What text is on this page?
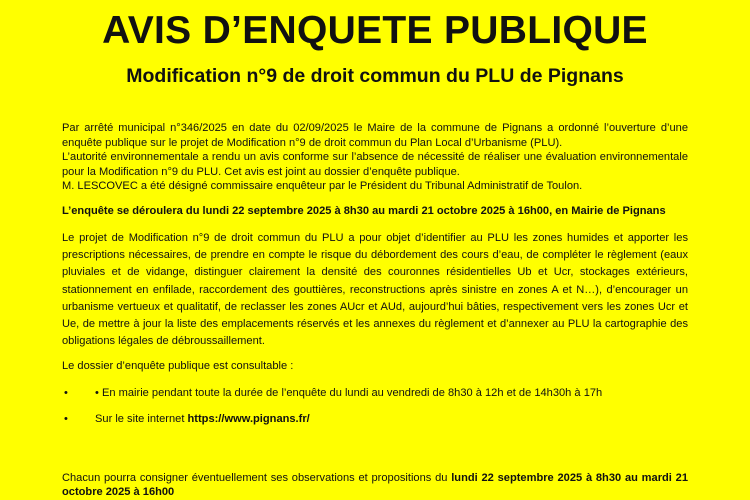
AVIS D’ENQUETE PUBLIQUE
Modification n°9 de droit commun du PLU de Pignans

Par arrêté municipal n°346/2025 en date du 02/09/2025 le Maire de la commune de Pignans a ordonné l’ouverture d’une enquête publique sur le projet de Modification n°9 de droit commun du Plan Local d’Urbanisme (PLU).
L’autorité environnementale a rendu un avis conforme sur l’absence de nécessité de réaliser une évaluation environnementale pour la Modification n°9 du PLU. Cet avis est joint au dossier d’enquête publique.
M. LESCOVEC a été désigné commissaire enquêteur par le Président du Tribunal Administratif de Toulon.

L’enquête se déroulera du lundi 22 septembre 2025 à 8h30 au mardi 21 octobre 2025 à 16h00, en Mairie de Pignans

Le projet de Modification n°9 de droit commun du PLU a pour objet d’identifier au PLU les zones humides et apporter les prescriptions nécessaires, de prendre en compte le risque du débordement des cours d’eau, de compléter le règlement (eaux pluviales et de vidange, distinguer clairement la densité des couronnes résidentielles Ub et Ucr, stockages extérieurs, stationnement en enfilade, raccordement des gouttières, reconstructions après sinistre en zones A et N…), d’encourager un urbanisme vertueux et qualitatif, de reclasser les zones AUcr et AUd, aujourd’hui bâties, respectivement vers les zones Ucr et Ue, de mettre à jour la liste des emplacements réservés et les annexes du règlement et d’annexer au PLU la cartographie des obligations légales de débroussaillement.

Le dossier d’enquête publique est consultable :

• • En mairie pendant toute la durée de l’enquête du lundi au vendredi de 8h30 à 12h et de 14h30h à 17h
• Sur le site internet https://www.pignans.fr/

Chacun pourra consigner éventuellement ses observations et propositions du lundi 22 septembre 2025 à 8h30 au mardi 21 octobre 2025 à 16h00
